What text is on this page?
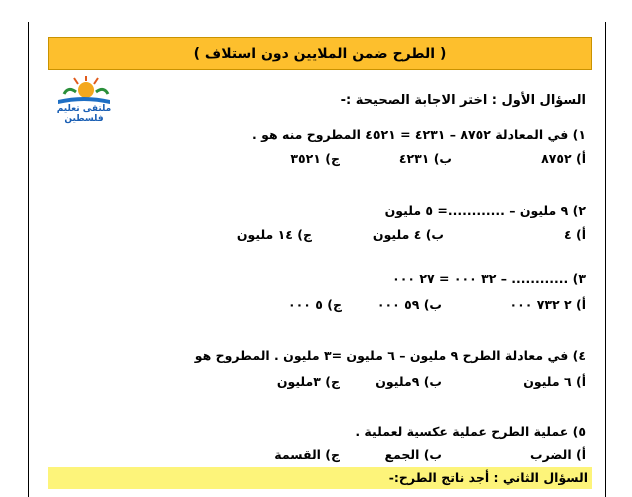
( الطرح ضمن الملايين دون استلاف )
ملتقى تعليم فلسطين
السؤال الأول : اختر الاجابة الصحيحة :-
١) في المعادلة ٨٧٥٢ – ٤٢٣١ = ٤٥٢١ المطروح منه هو .
أ) ٨٧٥٢
ب) ٤٢٣١
ج) ٣٥٢١
٢) ٩ مليون – ............= ٥ مليون
أ) ٤
ب) ٤ مليون
ج) ١٤ مليون
٣) ............ – ٣٢ ٠٠٠ = ٢٧ ٠٠٠
أ) ٢ ٧٣٢ ٠٠٠
ب) ٥٩ ٠٠٠
ج) ٥ ٠٠٠
٤) في معادلة الطرح ٩ مليون – ٦ مليون =٣ مليون . المطروح هو
أ) ٦ مليون
ب) ٩مليون
ج) ٣مليون
٥) عملية الطرح عملية عكسية لعملية .
أ) الضرب
ب) الجمع
ج) القسمة
السؤال الثاني : أجد ناتج الطرح:-
